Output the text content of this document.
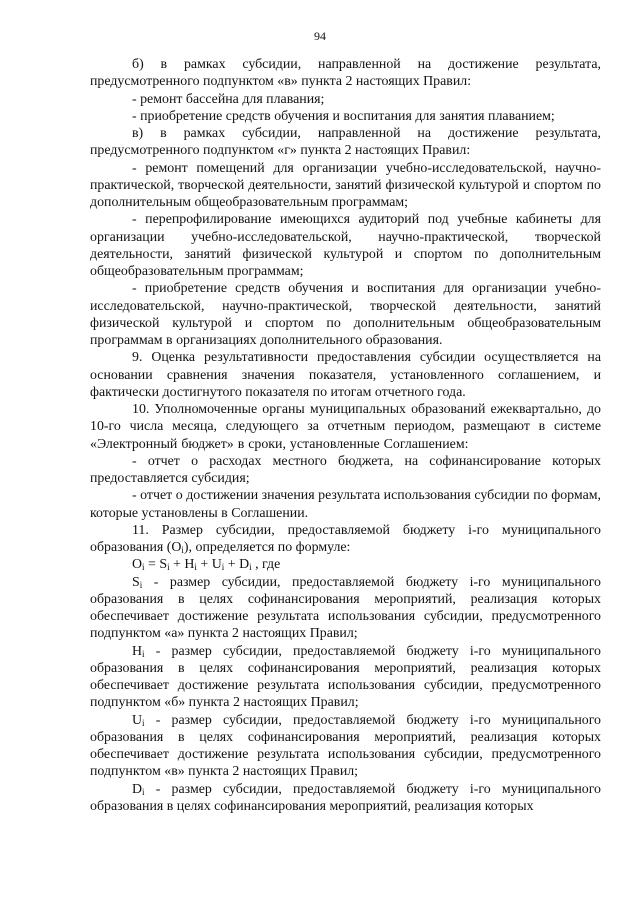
94

б) в рамках субсидии, направленной на достижение результата, предусмотренного подпунктом «в» пункта 2 настоящих Правил:

- ремонт бассейна для плавания;

- приобретение средств обучения и воспитания для занятия плаванием;

в) в рамках субсидии, направленной на достижение результата, предусмотренного подпунктом «г» пункта 2 настоящих Правил:

- ремонт помещений для организации учебно-исследовательской, научно-практической, творческой деятельности, занятий физической культурой и спортом по дополнительным общеобразовательным программам;

- перепрофилирование имеющихся аудиторий под учебные кабинеты для организации учебно-исследовательской, научно-практической, творческой деятельности, занятий физической культурой и спортом по дополнительным общеобразовательным программам;

- приобретение средств обучения и воспитания для организации учебно-исследовательской, научно-практической, творческой деятельности, занятий физической культурой и спортом по дополнительным общеобразовательным программам в организациях дополнительного образования.

9. Оценка результативности предоставления субсидии осуществляется на основании сравнения значения показателя, установленного соглашением, и фактически достигнутого показателя по итогам отчетного года.

10. Уполномоченные органы муниципальных образований ежеквартально, до 10-го числа месяца, следующего за отчетным периодом, размещают в системе «Электронный бюджет» в сроки, установленные Соглашением:

- отчет о расходах местного бюджета, на софинансирование которых предоставляется субсидия;

- отчет о достижении значения результата использования субсидии по формам, которые установлены в Соглашении.

11. Размер субсидии, предоставляемой бюджету i-го муниципального образования $(O_i)$, определяется по формуле:

$O_i = S_i + H_i + U_i + D_i$ , где

$S_i$ - размер субсидии, предоставляемой бюджету i-го муниципального образования в целях софинансирования мероприятий, реализация которых обеспечивает достижение результата использования субсидии, предусмотренного подпунктом «а» пункта 2 настоящих Правил;

$H_i$ - размер субсидии, предоставляемой бюджету i-го муниципального образования в целях софинансирования мероприятий, реализация которых обеспечивает достижение результата использования субсидии, предусмотренного подпунктом «б» пункта 2 настоящих Правил;

$U_i$ - размер субсидии, предоставляемой бюджету i-го муниципального образования в целях софинансирования мероприятий, реализация которых обеспечивает достижение результата использования субсидии, предусмотренного подпунктом «в» пункта 2 настоящих Правил;

$D_i$ - размер субсидии, предоставляемой бюджету i-го муниципального образования в целях софинансирования мероприятий, реализация которых
